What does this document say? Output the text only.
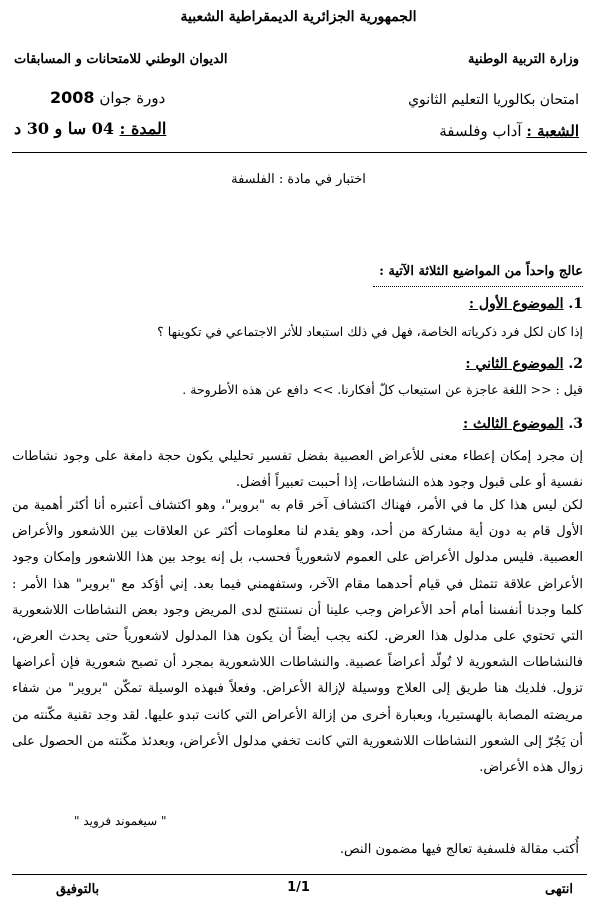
الجمهورية الجزائرية الديمقراطية الشعبية
وزارة التربية الوطنية
الديوان الوطني للامتحانات و المسابقات
امتحان بكالوريا التعليم الثانوي
دورة جوان 2008
الشعبة : آداب وفلسفة
المدة : 04 سا و 30 د
اختبار في مادة : الفلسفة
عالج واحداً من المواضيع الثلاثة الآتية :
1. الموضوع الأول :
إذا كان لكل فرد ذكرياته الخاصة، فهل في ذلك استبعاد للأثر الاجتماعي في تكوينها ؟
2. الموضوع الثاني :
قيل : << اللغة عاجزة عن استيعاب كلّ أفكارنا. >> دافع عن هذه الأطروحة .
3. الموضوع الثالث :
إن مجرد إمكان إعطاء معنى للأعراض العصبية بفضل تفسير تحليلي يكون حجة دامغة على وجود نشاطات نفسية أو على قبول وجود هذه النشاطات، إذا أحببت تعبيراً أفضل.
لكن ليس هذا كل ما في الأمر، فهناك اكتشاف آخر قام به "بروير"، وهو اكتشاف أعتبره أنا أكثر أهمية من الأول قام به دون أية مشاركة من أحد، وهو يقدم لنا معلومات أكثر عن العلاقات بين اللاشعور والأعراض العصبية. فليس مدلول الأعراض على العموم لاشعورياً فحسب، بل إنه يوجد بين هذا اللاشعور وإمكان وجود الأعراض علاقة تتمثل في قيام أحدهما مقام الآخر، وستفهمني فيما بعد. إني أؤكد مع "بروير" هذا الأمر : كلما وجدنا أنفسنا أمام أحد الأعراض وجب علينا أن نستنتج لدى المريض وجود بعض النشاطات اللاشعورية التي تحتوي على مدلول هذا العرض. لكنه يجب أيضاً أن يكون هذا المدلول لاشعورياً حتى يحدث العرض، فالنشاطات الشعورية لا تُولّد أعراضاً عصبية. والنشاطات اللاشعورية بمجرد أن تصبح شعورية فإن أعراضها تزول. فلديك هنا طريق إلى العلاج ووسيلة لإزالة الأعراض. وفعلاً فبهذه الوسيلة تمكّن "بروير" من شفاء مريضته المصابة بالهستيريا، وبعبارة أخرى من إزالة الأعراض التي كانت تبدو عليها. لقد وجد تقنية مكّنته من أن يَجُرّ إلى الشعور النشاطات اللاشعورية التي كانت تخفي مدلول الأعراض، وبعدئذ مكّنته من الحصول على زوال هذه الأعراض.
" سيغموند فرويد "
أُكتب مقالة فلسفية تعالج فيها مضمون النص.
انتهى
1/1
بالتوفيق
